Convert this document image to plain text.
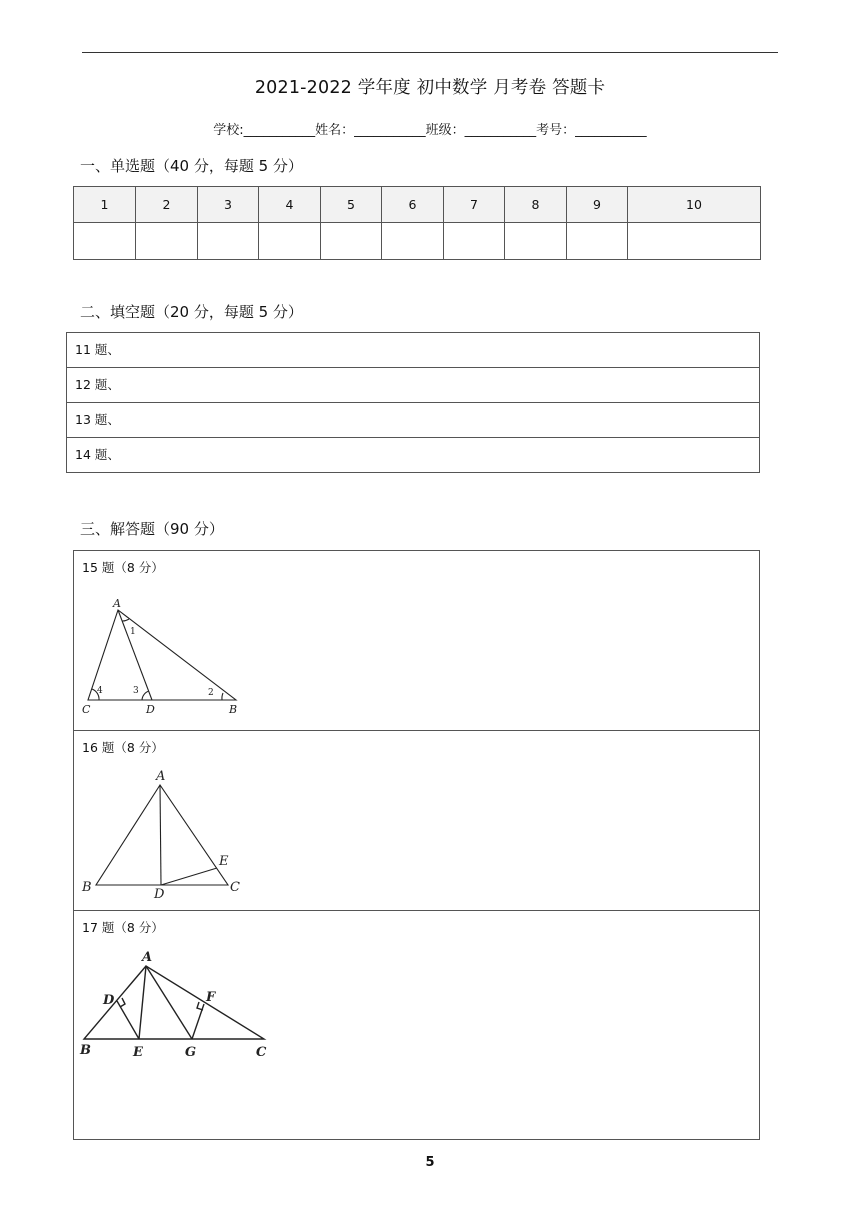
2021-2022 学年度 初中数学 月考卷 答题卡
学校:___________姓名：___________班级：___________考号：___________
一、单选题（40 分，每题 5 分）
1	2	3	4	5	6	7	8	9	10

二、填空题（20 分，每题 5 分）
11 题、
12 题、
13 题、
14 题、
三、解答题（90 分）
15 题（8 分）
A
C	D	B
1
2
3
4
16 题（8 分）
A
B	D
E
C
17 题（8 分）
A
D	F
B	E	G	C
5
